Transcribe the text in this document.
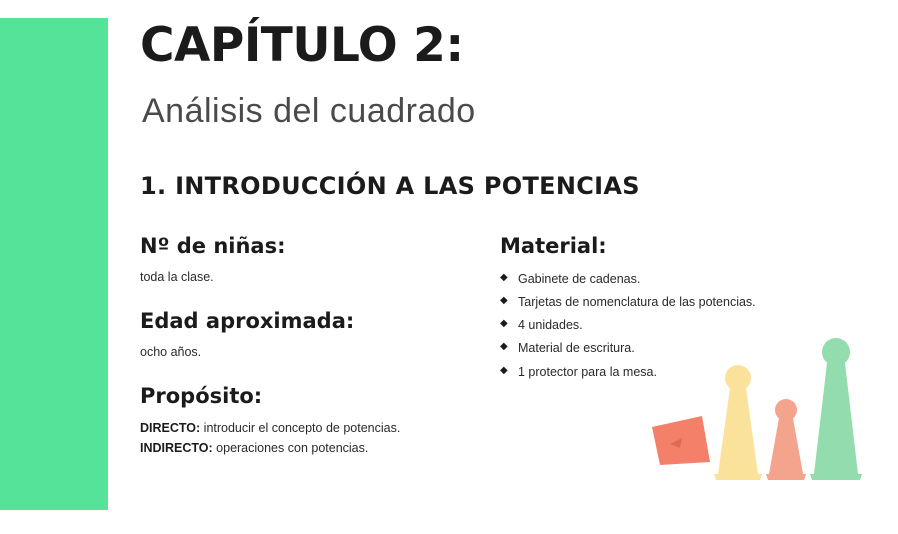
CAPÍTULO 2:
Análisis del cuadrado
1. INTRODUCCIÓN A LAS POTENCIAS

Nº de niñas:

toda la clase.

Edad aproximada:

ocho años.

Propósito:

DIRECTO: introducir el concepto de potencias.
INDIRECTO: operaciones con potencias.

Material:

◆ Gabinete de cadenas.
◆ Tarjetas de nomenclatura de las potencias.
◆ 4 unidades.
◆ Material de escritura.
◆ 1 protector para la mesa.
